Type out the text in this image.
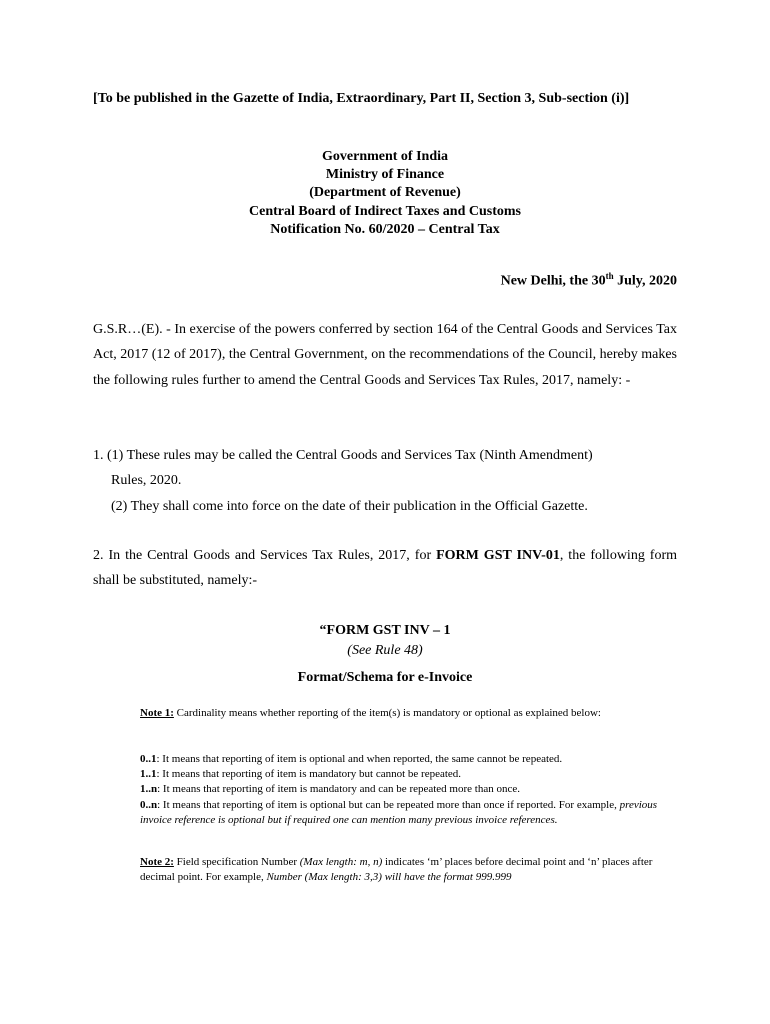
[To be published in the Gazette of India, Extraordinary, Part II, Section 3, Sub-section (i)]

Government of India

Ministry of Finance

(Department of Revenue)

Central Board of Indirect Taxes and Customs

Notification No. 60/2020 – Central Tax

New Delhi, the 30th July, 2020

G.S.R…(E). - In exercise of the powers conferred by section 164 of the Central Goods and Services Tax Act, 2017 (12 of 2017), the Central Government, on the recommendations of the Council, hereby makes the following rules further to amend the Central Goods and Services Tax Rules, 2017, namely: -

1. (1) These rules may be called the Central Goods and Services Tax (Ninth Amendment)
Rules, 2020.
(2) They shall come into force on the date of their publication in the Official Gazette.

2. In the Central Goods and Services Tax Rules, 2017, for FORM GST INV-01, the following form shall be substituted, namely:-

“FORM GST INV – 1

(See Rule 48)

Format/Schema for e-Invoice

Note 1: Cardinality means whether reporting of the item(s) is mandatory or optional as explained below:

0..1: It means that reporting of item is optional and when reported, the same cannot be repeated.
1..1: It means that reporting of item is mandatory but cannot be repeated.
1..n: It means that reporting of item is mandatory and can be repeated more than once.
0..n: It means that reporting of item is optional but can be repeated more than once if reported. For example, previous invoice reference is optional but if required one can mention many previous invoice references.

Note 2: Field specification Number (Max length: m, n) indicates ‘m’ places before decimal point and ‘n’ places after decimal point. For example, Number (Max length: 3,3) will have the format 999.999
